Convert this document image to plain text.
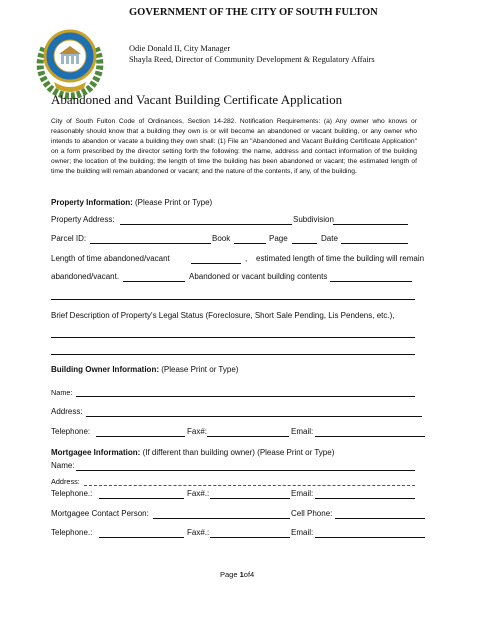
GOVERNMENT OF THE CITY OF SOUTH FULTON
Odie Donald II, City Manager
Shayla Reed, Director of Community Development & Regulatory Affairs
Abandoned and Vacant Building Certificate Application

City of South Fulton Code of Ordinances, Section 14-282. Notification Requirements: (a) Any owner who knows or reasonably should know that a building they own is or will become an abandoned or vacant building, or any owner who intends to abandon or vacate a building they own shall: (1) File an "Abandoned and Vacant Building Certificate Application" on a form prescribed by the director setting forth the following: the name, address and contact information of the building owner; the location of the building; the length of time the building has been abandoned or vacant; the estimated length of time the building will remain abandoned or vacant; and the nature of the contents, if any, of the building.

Property Information: (Please Print or Type)
Property Address:	Subdivision
Parcel ID:	Book	Page	Date
Length of time abandoned/vacant	, estimated length of time the building will remain
abandoned/vacant.	Abandoned or vacant building contents
Brief Description of Property's Legal Status (Foreclosure, Short Sale Pending, Lis Pendens, etc.),
Building Owner Information: (Please Print or Type)
Name:
Address:
Telephone:	Fax#:	Email:
Mortgagee Information: (If different than building owner) (Please Print or Type)
Name:
Address:
Telephone.:	Fax#.:	Email:
Mortgagee Contact Person:	Cell Phone:
Telephone.:	Fax#.:	Email:
Page 1of4
